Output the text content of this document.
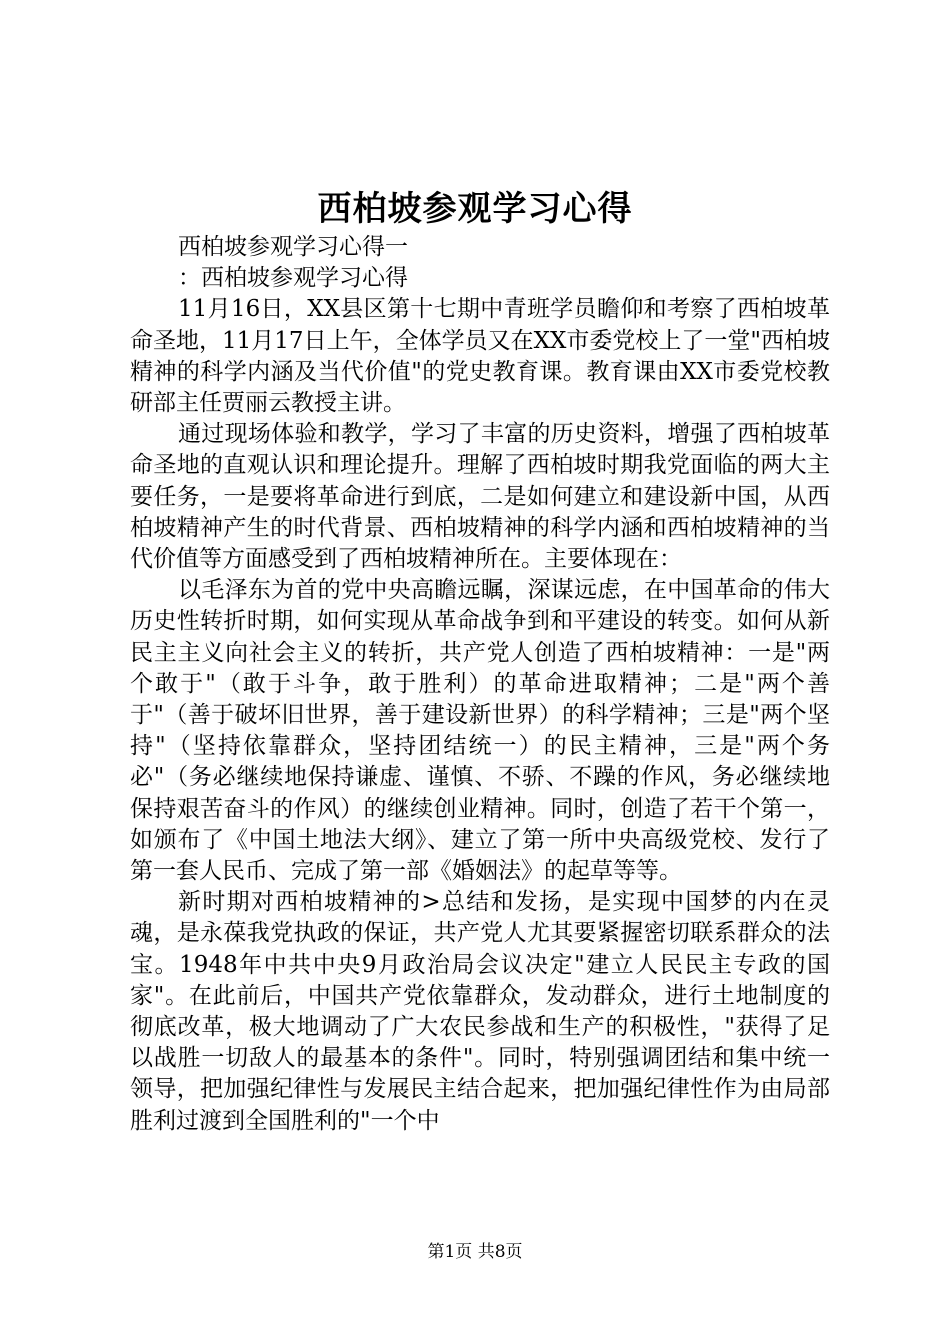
西柏坡参观学习心得

西柏坡参观学习心得一

：西柏坡参观学习心得

11月16日，XX县区第十七期中青班学员瞻仰和考察了西柏坡革命圣地，11月17日上午，全体学员又在XX市委党校上了一堂"西柏坡精神的科学内涵及当代价值"的党史教育课。教育课由XX市委党校教研部主任贾丽云教授主讲。

通过现场体验和教学，学习了丰富的历史资料，增强了西柏坡革命圣地的直观认识和理论提升。理解了西柏坡时期我党面临的两大主要任务，一是要将革命进行到底，二是如何建立和建设新中国，从西柏坡精神产生的时代背景、西柏坡精神的科学内涵和西柏坡精神的当代价值等方面感受到了西柏坡精神所在。主要体现在：

以毛泽东为首的党中央高瞻远瞩，深谋远虑，在中国革命的伟大历史性转折时期，如何实现从革命战争到和平建设的转变。如何从新民主主义向社会主义的转折，共产党人创造了西柏坡精神：一是"两个敢于"（敢于斗争，敢于胜利）的革命进取精神；二是"两个善于"（善于破坏旧世界，善于建设新世界）的科学精神；三是"两个坚持"（坚持依靠群众，坚持团结统一）的民主精神，三是"两个务必"（务必继续地保持谦虚、谨慎、不骄、不躁的作风，务必继续地保持艰苦奋斗的作风）的继续创业精神。同时，创造了若干个第一，如颁布了《中国土地法大纲》、建立了第一所中央高级党校、发行了第一套人民币、完成了第一部《婚姻法》的起草等等。

新时期对西柏坡精神的>总结和发扬，是实现中国梦的内在灵魂，是永葆我党执政的保证，共产党人尤其要紧握密切联系群众的法宝。1948年中共中央9月政治局会议决定"建立人民民主专政的国家"。在此前后，中国共产党依靠群众，发动群众，进行土地制度的彻底改革，极大地调动了广大农民参战和生产的积极性，"获得了足以战胜一切敌人的最基本的条件"。同时，特别强调团结和集中统一领导，把加强纪律性与发展民主结合起来，把加强纪律性作为由局部胜利过渡到全国胜利的"一个中

第1页 共8页
